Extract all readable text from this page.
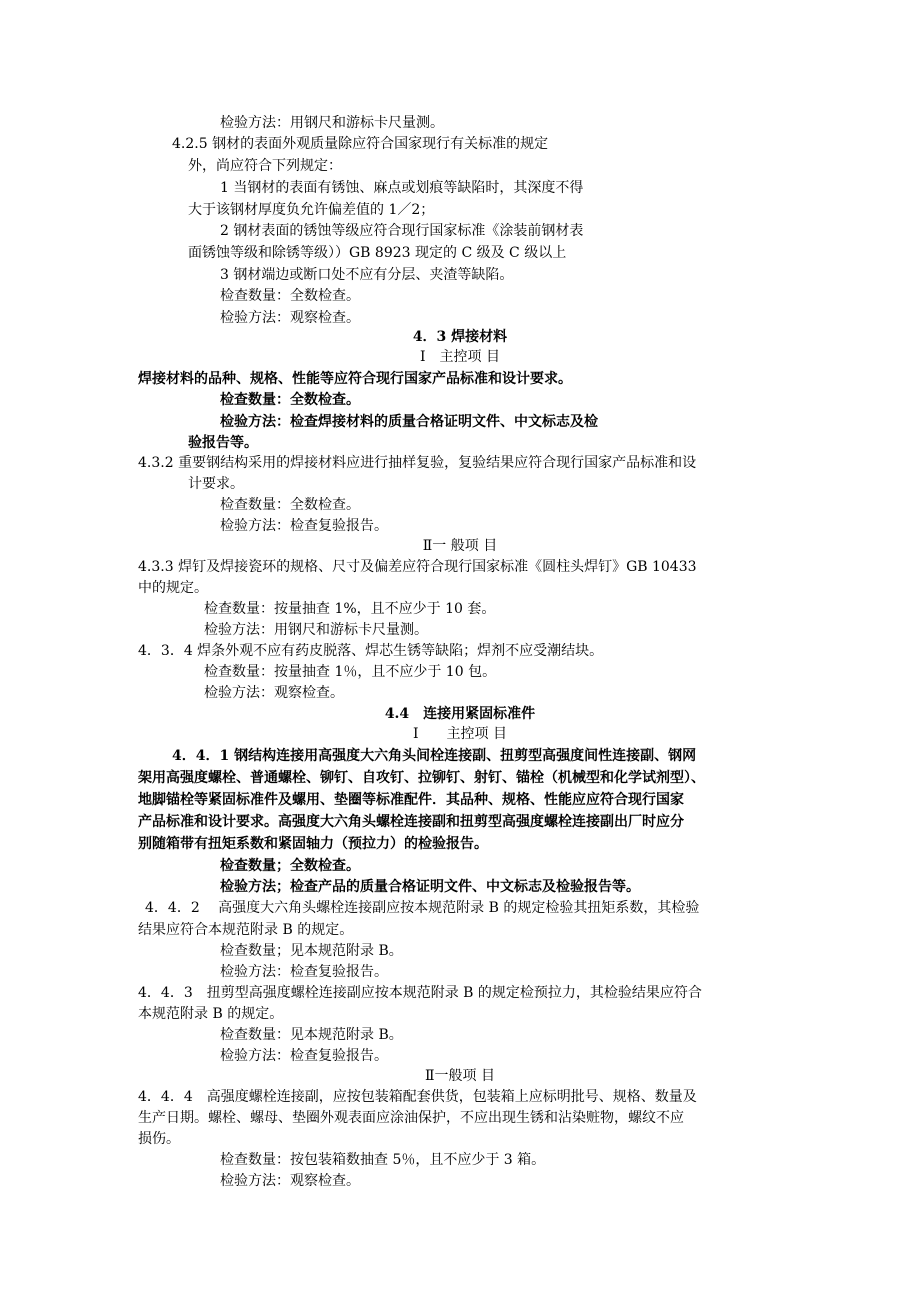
检验方法：用钢尺和游标卡尺量测。
4.2.5 钢材的表面外观质量除应符合国家现行有关标准的规定
外，尚应符合下列规定：
1 当钢材的表面有锈蚀、麻点或划痕等缺陷时，其深度不得
大于该钢材厚度负允许偏差值的 1／2；
2 钢材表面的锈蚀等级应符合现行国家标准《涂装前钢材表
面锈蚀等级和除锈等级））GB 8923 现定的 C 级及 C 级以上
3 钢材端边或断口处不应有分层、夹渣等缺陷。
检查数量：全数检查。
检验方法：观察检查。
4．3 焊接材料
I　主控项 目
焊接材料的品种、规格、性能等应符合现行国家产品标准和设计要求。
检查数量：全数检查。
检验方法：检查焊接材料的质量合格证明文件、中文标志及检
验报告等。
4.3.2 重要钢结构采用的焊接材料应进行抽样复验，复验结果应符合现行国家产品标准和设
计要求。
检查数量：全数检查。
检验方法：检查复验报告。
Ⅱ一 般项 目
4.3.3 焊钉及焊接瓷环的规格、尺寸及偏差应符合现行国家标准《圆柱头焊钉》GB 10433
中的规定。
检查数量：按量抽查 1%，且不应少于 10 套。
检验方法：用钢尺和游标卡尺量测。
4．3．4 焊条外观不应有药皮脱落、焊芯生锈等缺陷；焊剂不应受潮结块。
检查数量：按量抽查 1％，且不应少于 10 包。
检验方法：观察检查。
4.4　连接用紧固标准件
I　　主控项 目
4．4．1 钢结构连接用高强度大六角头间栓连接副、扭剪型高强度间性连接副、钢网
架用高强度螺栓、普通螺栓、铆钉、自攻钉、拉铆钉、射钉、锚栓（机械型和化学试剂型）、
地脚锚栓等紧固标准件及螺用、垫圈等标准配件．其品种、规格、性能应应符合现行国家
产品标准和设计要求。高强度大六角头螺栓连接副和扭剪型高强度螺栓连接副出厂时应分
别随箱带有扭矩系数和紧固轴力（预拉力）的检验报告。
检查数量；全数检查。
检验方法；检查产品的质量合格证明文件、中文标志及检验报告等。
4．4．2　 高强度大六角头螺栓连接副应按本规范附录 B 的规定检验其扭矩系数，其检验
结果应符合本规范附录 B 的规定。
检查数量；见本规范附录 B。
检验方法：检查复验报告。
4．4．3　扭剪型高强度螺栓连接副应按本规范附录 B 的规定检预拉力，其检验结果应符合
本规范附录 B 的规定。
检查数量：见本规范附录 B。
检验方法：检查复验报告。
Ⅱ一般项 目
4．4．4　高强度螺栓连接副，应按包装箱配套供货，包装箱上应标明批号、规格、数量及
生产日期。螺栓、螺母、垫圈外观表面应涂油保护，不应出现生锈和沾染赃物，螺纹不应
损伤。
检查数量：按包装箱数抽查 5％，且不应少于 3 箱。
检验方法：观察检查。
